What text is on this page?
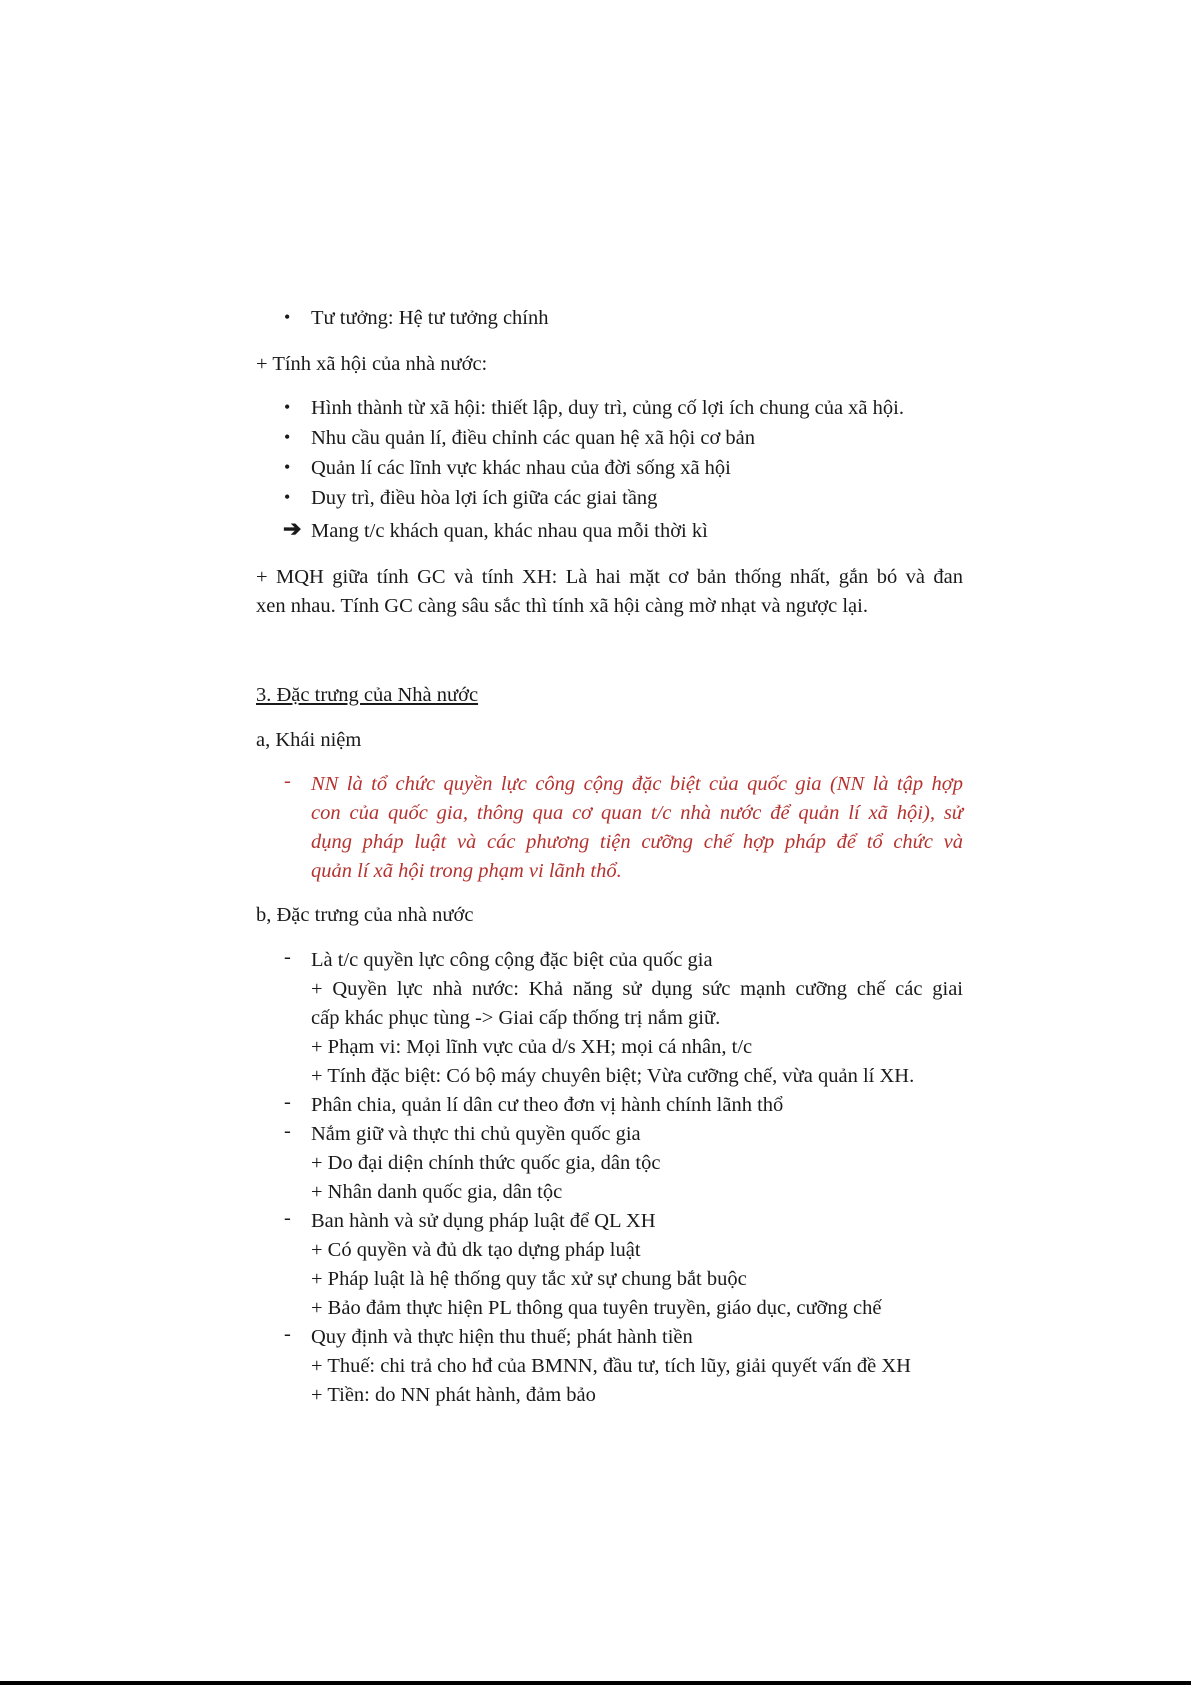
• Tư tưởng: Hệ tư tưởng chính
+ Tính xã hội của nhà nước:
• Hình thành từ xã hội: thiết lập, duy trì, củng cố lợi ích chung của xã hội.
• Nhu cầu quản lí, điều chỉnh các quan hệ xã hội cơ bản
• Quản lí các lĩnh vực khác nhau của đời sống xã hội
• Duy trì, điều hòa lợi ích giữa các giai tầng
➔ Mang t/c khách quan, khác nhau qua mỗi thời kì
+ MQH giữa tính GC và tính XH: Là hai mặt cơ bản thống nhất, gắn bó và đan
xen nhau. Tính GC càng sâu sắc thì tính xã hội càng mờ nhạt và ngược lại.
3. Đặc trưng của Nhà nước
a, Khái niệm
- NN là tổ chức quyền lực công cộng đặc biệt của quốc gia (NN là tập hợp
con của quốc gia, thông qua cơ quan t/c nhà nước để quản lí xã hội), sử
dụng pháp luật và các phương tiện cưỡng chế hợp pháp để tổ chức và
quản lí xã hội trong phạm vi lãnh thổ.
b, Đặc trưng của nhà nước
- Là t/c quyền lực công cộng đặc biệt của quốc gia
+ Quyền lực nhà nước: Khả năng sử dụng sức mạnh cưỡng chế các giai
cấp khác phục tùng -> Giai cấp thống trị nắm giữ.
+ Phạm vi: Mọi lĩnh vực của d/s XH; mọi cá nhân, t/c
+ Tính đặc biệt: Có bộ máy chuyên biệt; Vừa cưỡng chế, vừa quản lí XH.
- Phân chia, quản lí dân cư theo đơn vị hành chính lãnh thổ
- Nắm giữ và thực thi chủ quyền quốc gia
+ Do đại diện chính thức quốc gia, dân tộc
+ Nhân danh quốc gia, dân tộc
- Ban hành và sử dụng pháp luật để QL XH
+ Có quyền và đủ dk tạo dựng pháp luật
+ Pháp luật là hệ thống quy tắc xử sự chung bắt buộc
+ Bảo đảm thực hiện PL thông qua tuyên truyền, giáo dục, cưỡng chế
- Quy định và thực hiện thu thuế; phát hành tiền
+ Thuế: chi trả cho hđ của BMNN, đầu tư, tích lũy, giải quyết vấn đề XH
+ Tiền: do NN phát hành, đảm bảo
